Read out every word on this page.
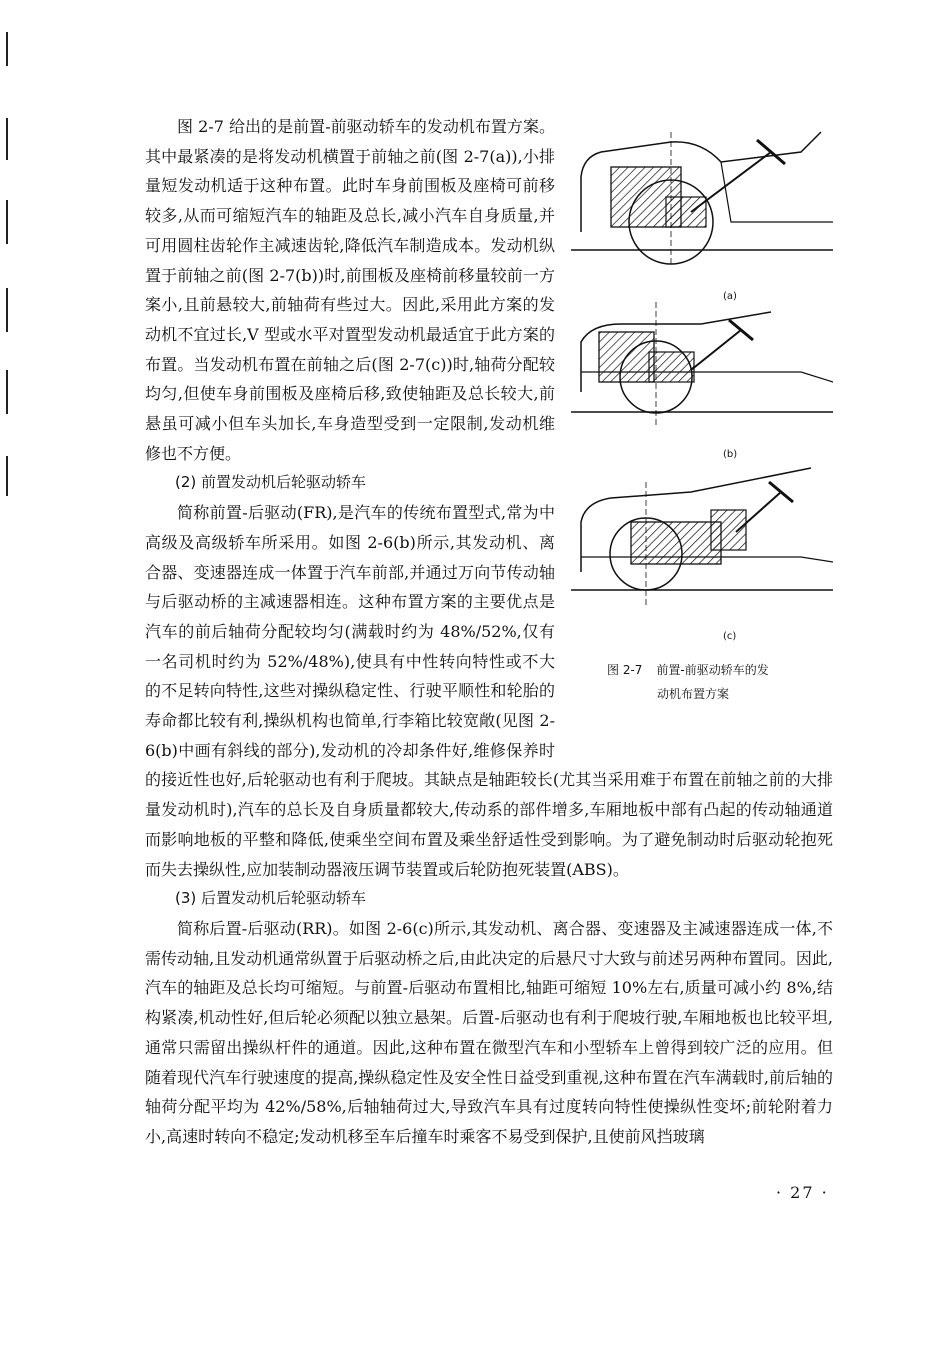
(a)
(b)
(c)
图 2-7 前置-前驱动轿车的发
动机布置方案
图 2-7 给出的是前置-前驱动轿车的发动机布置方案。其中最紧凑的是将发动机横置于前轴之前(图 2-7(a)),小排量短发动机适于这种布置。此时车身前围板及座椅可前移较多,从而可缩短汽车的轴距及总长,减小汽车自身质量,并可用圆柱齿轮作主减速齿轮,降低汽车制造成本。发动机纵置于前轴之前(图 2-7(b))时,前围板及座椅前移量较前一方案小,且前悬较大,前轴荷有些过大。因此,采用此方案的发动机不宜过长,V 型或水平对置型发动机最适宜于此方案的布置。当发动机布置在前轴之后(图 2-7(c))时,轴荷分配较均匀,但使车身前围板及座椅后移,致使轴距及总长较大,前悬虽可减小但车头加长,车身造型受到一定限制,发动机维修也不方便。

(2) 前置发动机后轮驱动轿车

简称前置-后驱动(FR),是汽车的传统布置型式,常为中高级及高级轿车所采用。如图 2-6(b)所示,其发动机、离合器、变速器连成一体置于汽车前部,并通过万向节传动轴与后驱动桥的主减速器相连。这种布置方案的主要优点是汽车的前后轴荷分配较均匀(满载时约为 48%/52%,仅有一名司机时约为 52%/48%),使具有中性转向特性或不大的不足转向特性,这些对操纵稳定性、行驶平顺性和轮胎的寿命都比较有利,操纵机构也简单,行李箱比较宽敞(见图 2-6(b)中画有斜线的部分),发动机的冷却条件好,维修保养时的接近性也好,后轮驱动也有利于爬坡。其缺点是轴距较长(尤其当采用难于布置在前轴之前的大排量发动机时),汽车的总长及自身质量都较大,传动系的部件增多,车厢地板中部有凸起的传动轴通道而影响地板的平整和降低,使乘坐空间布置及乘坐舒适性受到影响。为了避免制动时后驱动轮抱死而失去操纵性,应加装制动器液压调节装置或后轮防抱死装置(ABS)。

(3) 后置发动机后轮驱动轿车

简称后置-后驱动(RR)。如图 2-6(c)所示,其发动机、离合器、变速器及主减速器连成一体,不需传动轴,且发动机通常纵置于后驱动桥之后,由此决定的后悬尺寸大致与前述另两种布置同。因此,汽车的轴距及总长均可缩短。与前置-后驱动布置相比,轴距可缩短 10%左右,质量可减小约 8%,结构紧凑,机动性好,但后轮必须配以独立悬架。后置-后驱动也有利于爬坡行驶,车厢地板也比较平坦,通常只需留出操纵杆件的通道。因此,这种布置在微型汽车和小型轿车上曾得到较广泛的应用。但随着现代汽车行驶速度的提高,操纵稳定性及安全性日益受到重视,这种布置在汽车满载时,前后轴的轴荷分配平均为 42%/58%,后轴轴荷过大,导致汽车具有过度转向特性使操纵性变坏;前轮附着力小,高速时转向不稳定;发动机移至车后撞车时乘客不易受到保护,且使前风挡玻璃

· 27 ·
